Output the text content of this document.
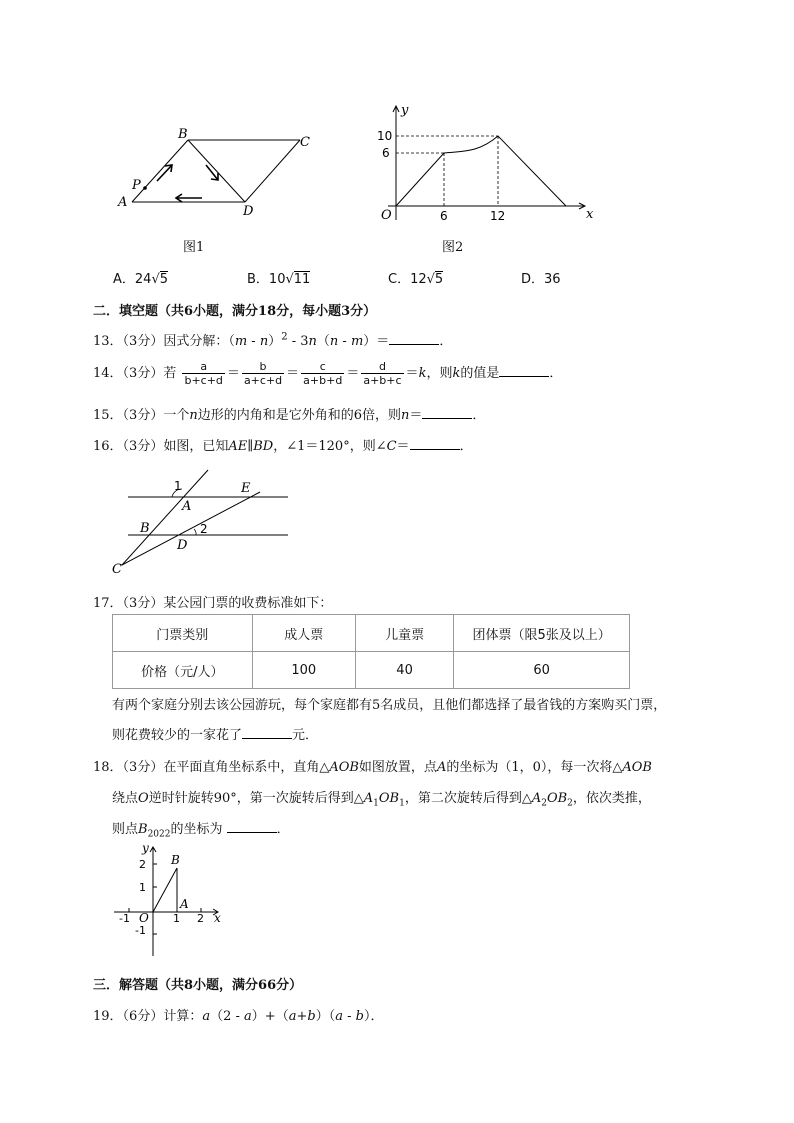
A
B
C
D
P
图1
y
x
O
10
6
6	12
图2
A．24√5	B．10√11	C．12√5	D．36
二．填空题（共6小题，满分18分，每小题3分）
13．（3分）因式分解：（m - n）$^2$ - 3n（n - m）＝	．
14．（3分）若 $\frac{a}{b+c+d} = \frac{b}{a+c+d} = \frac{c}{a+b+d} = \frac{d}{a+b+c} =k$，则k的值是	．
15．（3分）一个n边形的内角和是它外角和的6倍，则n＝	．
16．（3分）如图，已知AE∥BD，∠1＝120°，则∠C＝	．
1
A
E
B	2
D
C
17．（3分）某公园门票的收费标准如下：
门票类别	成人票	儿童票	团体票（限5张及以上）
价格（元/人）	100	40	60
有两个家庭分别去该公园游玩，每个家庭都有5名成员，且他们都选择了最省钱的方案购买门票，
则花费较少的一家花了	元．
18．（3分）在平面直角坐标系中，直角△AOB如图放置，点A的坐标为（1，0），每一次将△AOB
绕点O逆时针旋转90°，第一次旋转后得到$\triangle A_1OB_1$，第二次旋转后得到$\triangle A_2OB_2$，依次类推，
则点$B_{2022}$的坐标为	．
y
x
B
A
O
2
1
-1
-1	1 2
三．解答题（共8小题，满分66分）
19．（6分）计算：a（2 - a）+（a+b）（a - b）．
